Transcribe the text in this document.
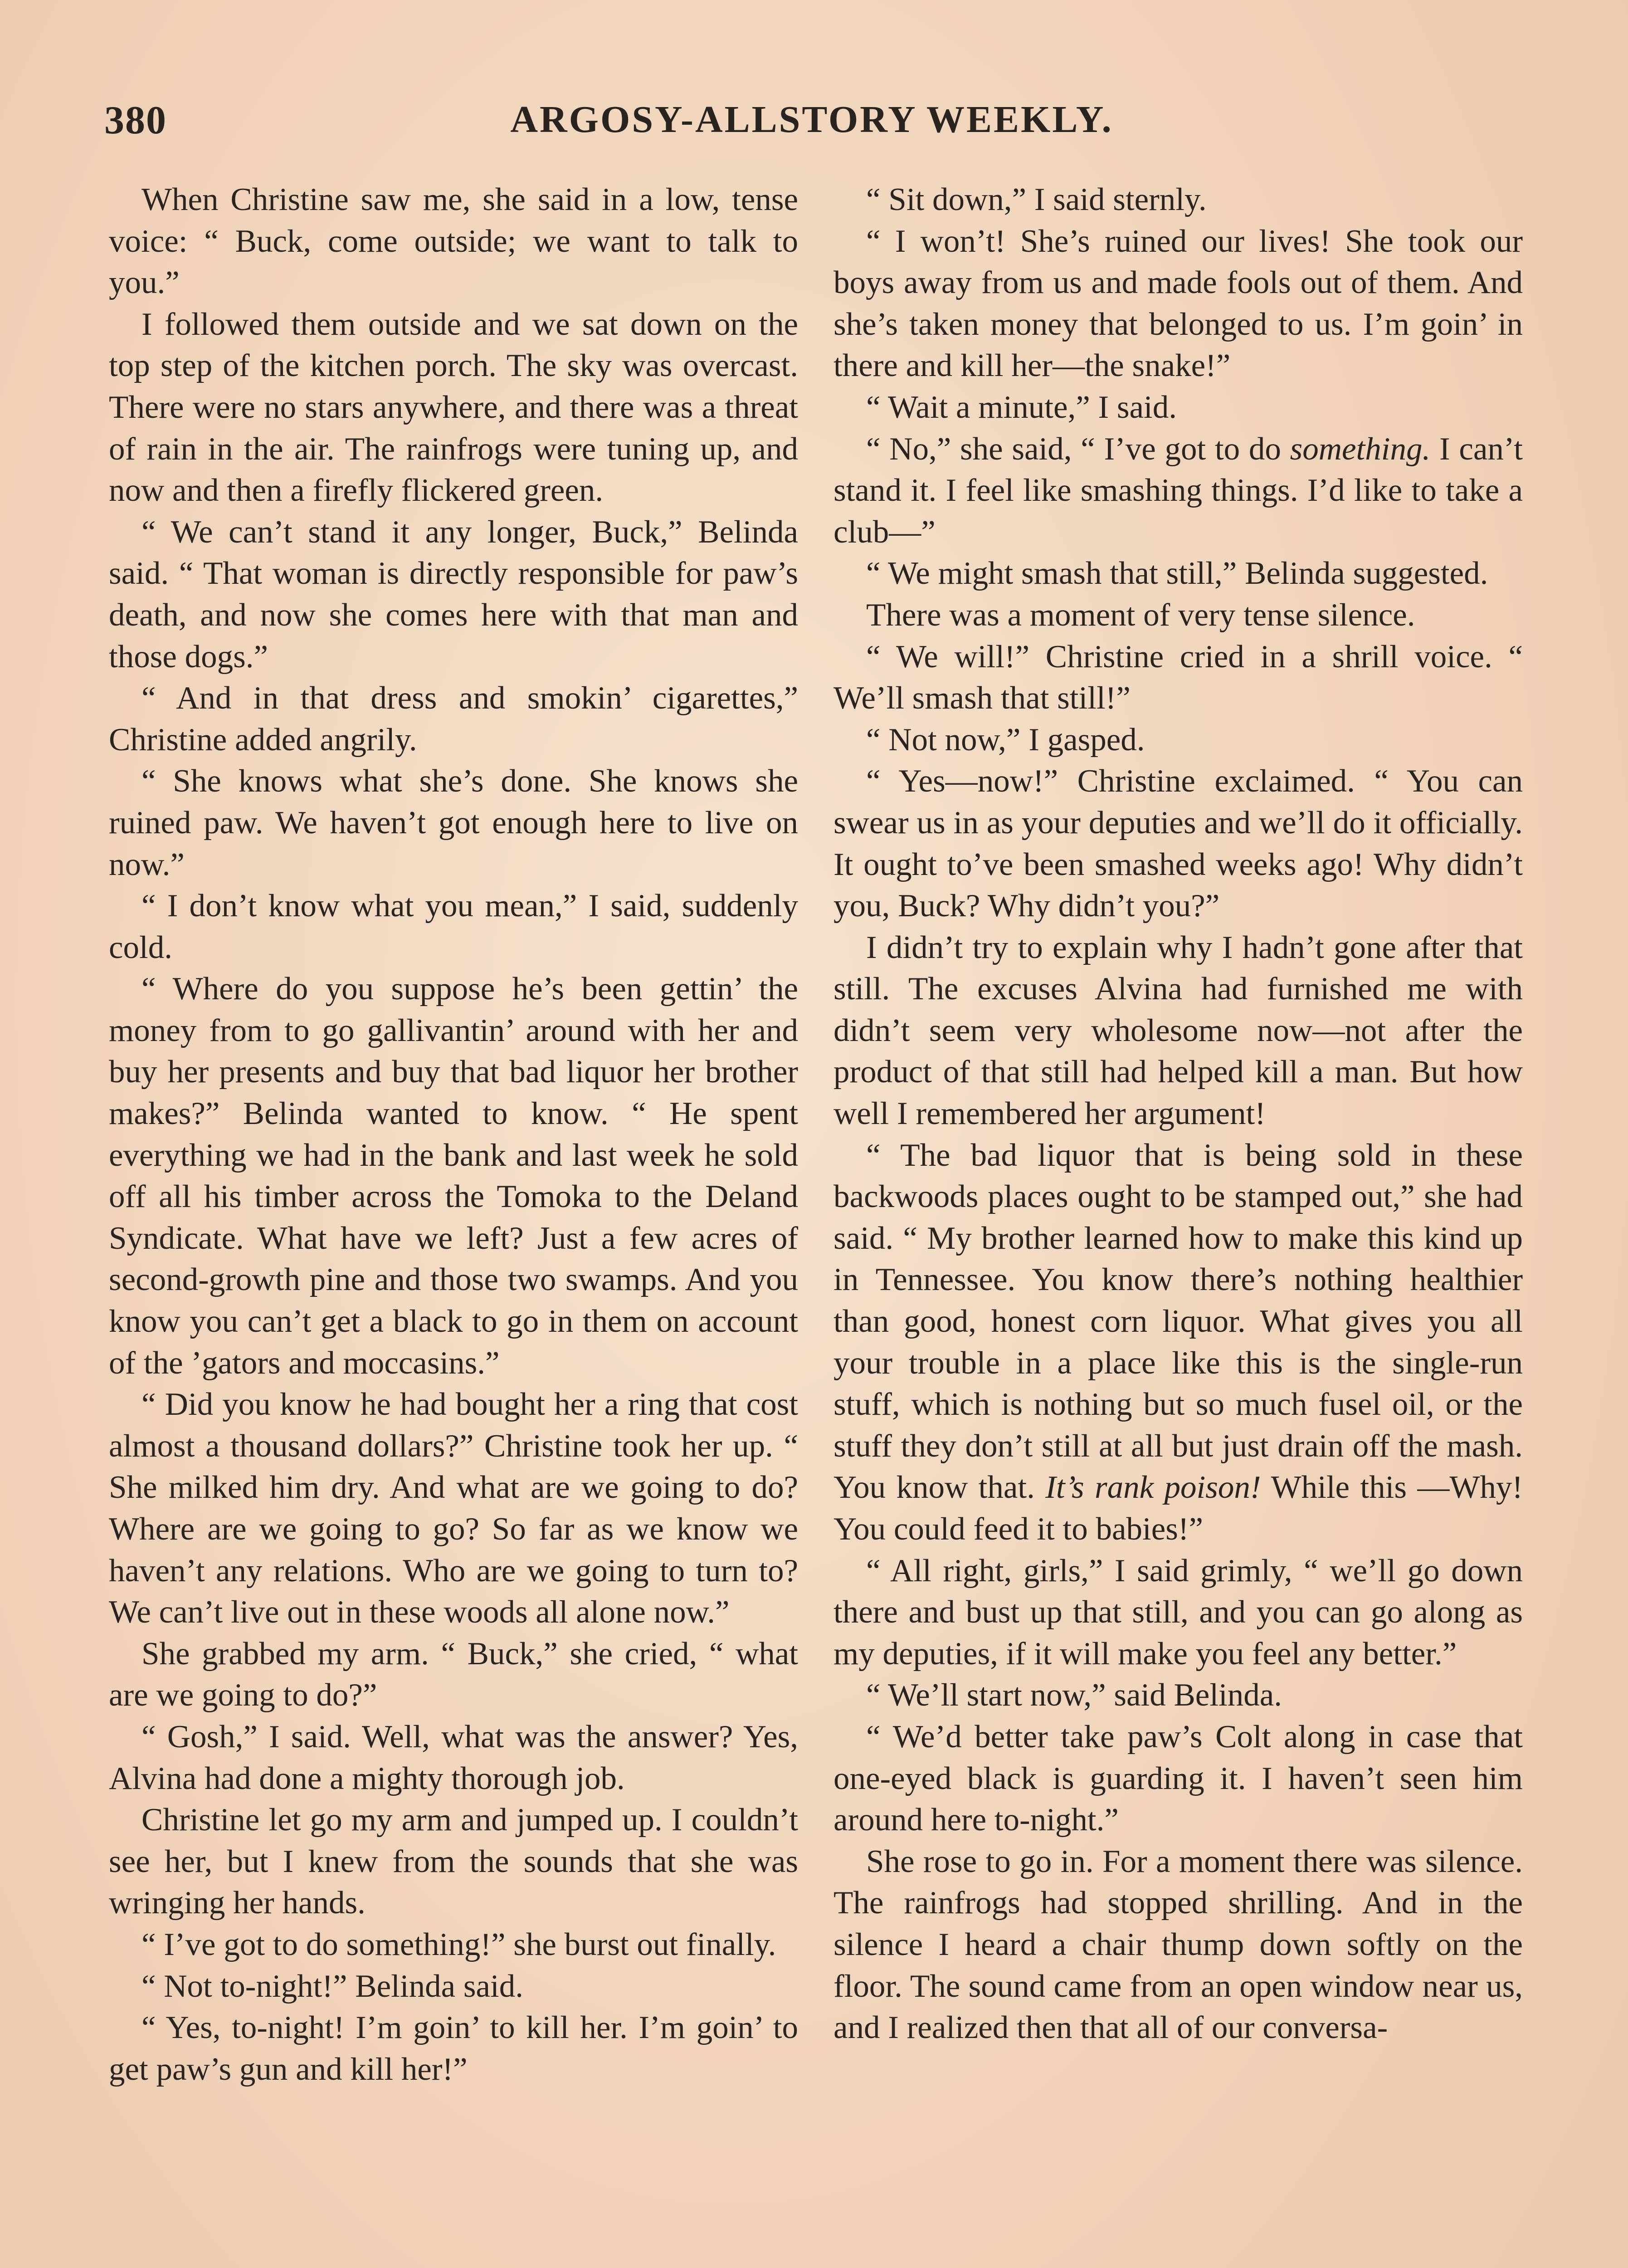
380	ARGOSY-ALLSTORY WEEKLY.

When Christine saw me, she said in a low, tense voice: “ Buck, come outside; we want to talk to you.”

I followed them outside and we sat down on the top step of the kitchen porch. The sky was overcast. There were no stars anywhere, and there was a threat of rain in the air. The rainfrogs were tuning up, and now and then a firefly flickered green.

“ We can’t stand it any longer, Buck,” Belinda said. “ That woman is directly responsible for paw’s death, and now she comes here with that man and those dogs.”

“ And in that dress and smokin’ cigarettes,” Christine added angrily.

“ She knows what she’s done. She knows she ruined paw. We haven’t got enough here to live on now.”

“ I don’t know what you mean,” I said, suddenly cold.

“ Where do you suppose he’s been gettin’ the money from to go gallivantin’ around with her and buy her presents and buy that bad liquor her brother makes?” Belinda wanted to know. “ He spent everything we had in the bank and last week he sold off all his timber across the Tomoka to the Deland Syndicate. What have we left? Just a few acres of second-growth pine and those two swamps. And you know you can’t get a black to go in them on account of the ’gators and moccasins.”

“ Did you know he had bought her a ring that cost almost a thousand dollars?” Christine took her up. “ She milked him dry. And what are we going to do? Where are we going to go? So far as we know we haven’t any relations. Who are we going to turn to? We can’t live out in these woods all alone now.”

She grabbed my arm. “ Buck,” she cried, “ what are we going to do?”

“ Gosh,” I said. Well, what was the answer? Yes, Alvina had done a mighty thorough job.

Christine let go my arm and jumped up. I couldn’t see her, but I knew from the sounds that she was wringing her hands.

“ I’ve got to do something!” she burst out finally.

“ Not to-night!” Belinda said.

“ Yes, to-night! I’m goin’ to kill her. I’m goin’ to get paw’s gun and kill her!”

“ Sit down,” I said sternly.

“ I won’t! She’s ruined our lives! She took our boys away from us and made fools out of them. And she’s taken money that belonged to us. I’m goin’ in there and kill her—the snake!”

“ Wait a minute,” I said.

“ No,” she said, “ I’ve got to do something. I can’t stand it. I feel like smashing things. I’d like to take a club—”

“ We might smash that still,” Belinda suggested.

There was a moment of very tense silence.

“ We will!” Christine cried in a shrill voice. “ We’ll smash that still!”

“ Not now,” I gasped.

“ Yes—now!” Christine exclaimed. “ You can swear us in as your deputies and we’ll do it officially. It ought to’ve been smashed weeks ago! Why didn’t you, Buck? Why didn’t you?”

I didn’t try to explain why I hadn’t gone after that still. The excuses Alvina had furnished me with didn’t seem very wholesome now—not after the product of that still had helped kill a man. But how well I remembered her argument!

“ The bad liquor that is being sold in these backwoods places ought to be stamped out,” she had said. “ My brother learned how to make this kind up in Tennessee. You know there’s nothing healthier than good, honest corn liquor. What gives you all your trouble in a place like this is the single-run stuff, which is nothing but so much fusel oil, or the stuff they don’t still at all but just drain off the mash. You know that. It’s rank poison! While this —Why! You could feed it to babies!”

“ All right, girls,” I said grimly, “ we’ll go down there and bust up that still, and you can go along as my deputies, if it will make you feel any better.”

“ We’ll start now,” said Belinda.

“ We’d better take paw’s Colt along in case that one-eyed black is guarding it. I haven’t seen him around here to-night.”

She rose to go in. For a moment there was silence. The rainfrogs had stopped shrilling. And in the silence I heard a chair thump down softly on the floor. The sound came from an open window near us, and I realized then that all of our conversa-
